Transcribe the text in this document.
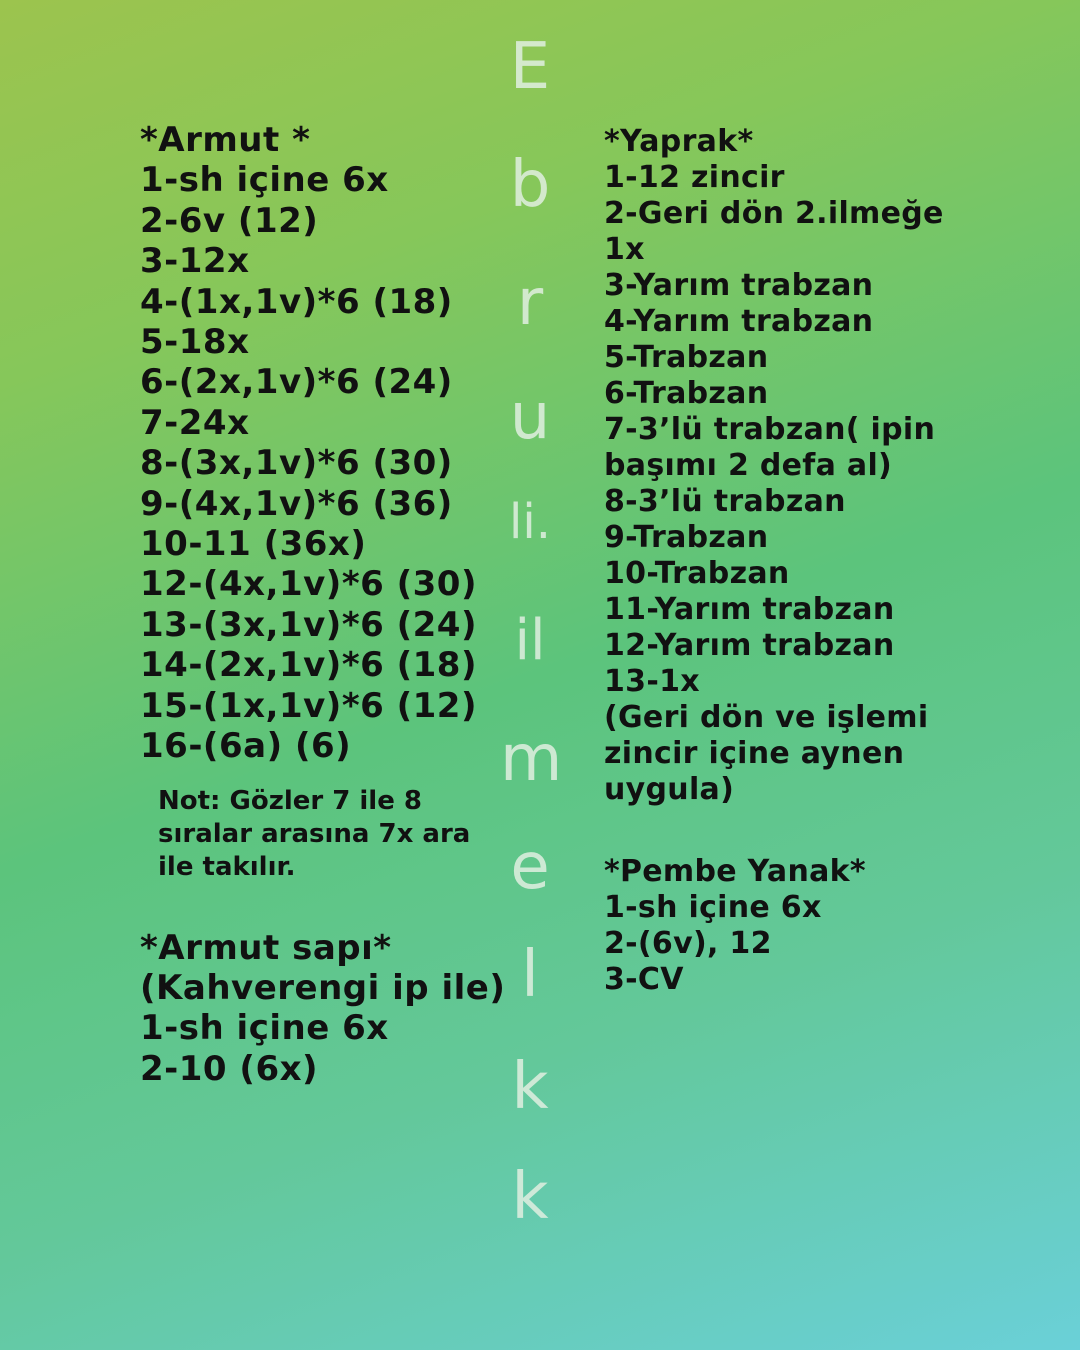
E
b
r
u
li.
il
m
e
l
k
k
*Armut *
1-sh içine 6x
2-6v (12)
3-12x
4-(1x,1v)*6 (18)
5-18x
6-(2x,1v)*6 (24)
7-24x
8-(3x,1v)*6 (30)
9-(4x,1v)*6 (36)
10-11 (36x)
12-(4x,1v)*6 (30)
13-(3x,1v)*6 (24)
14-(2x,1v)*6 (18)
15-(1x,1v)*6 (12)
16-(6a) (6)
Not: Gözler 7 ile 8 sıralar arasına 7x ara ile takılır.
*Armut sapı*
(Kahverengi ip ile)
1-sh içine 6x
2-10 (6x)
*Yaprak*
1-12 zincir
2-Geri dön 2.ilmeğe
1x
3-Yarım trabzan
4-Yarım trabzan
5-Trabzan
6-Trabzan
7-3’lü trabzan( ipin
başımı 2 defa al)
8-3’lü trabzan
9-Trabzan
10-Trabzan
11-Yarım trabzan
12-Yarım trabzan
13-1x
(Geri dön ve işlemi
zincir içine aynen
uygula)
*Pembe Yanak*
1-sh içine 6x
2-(6v), 12
3-CV
